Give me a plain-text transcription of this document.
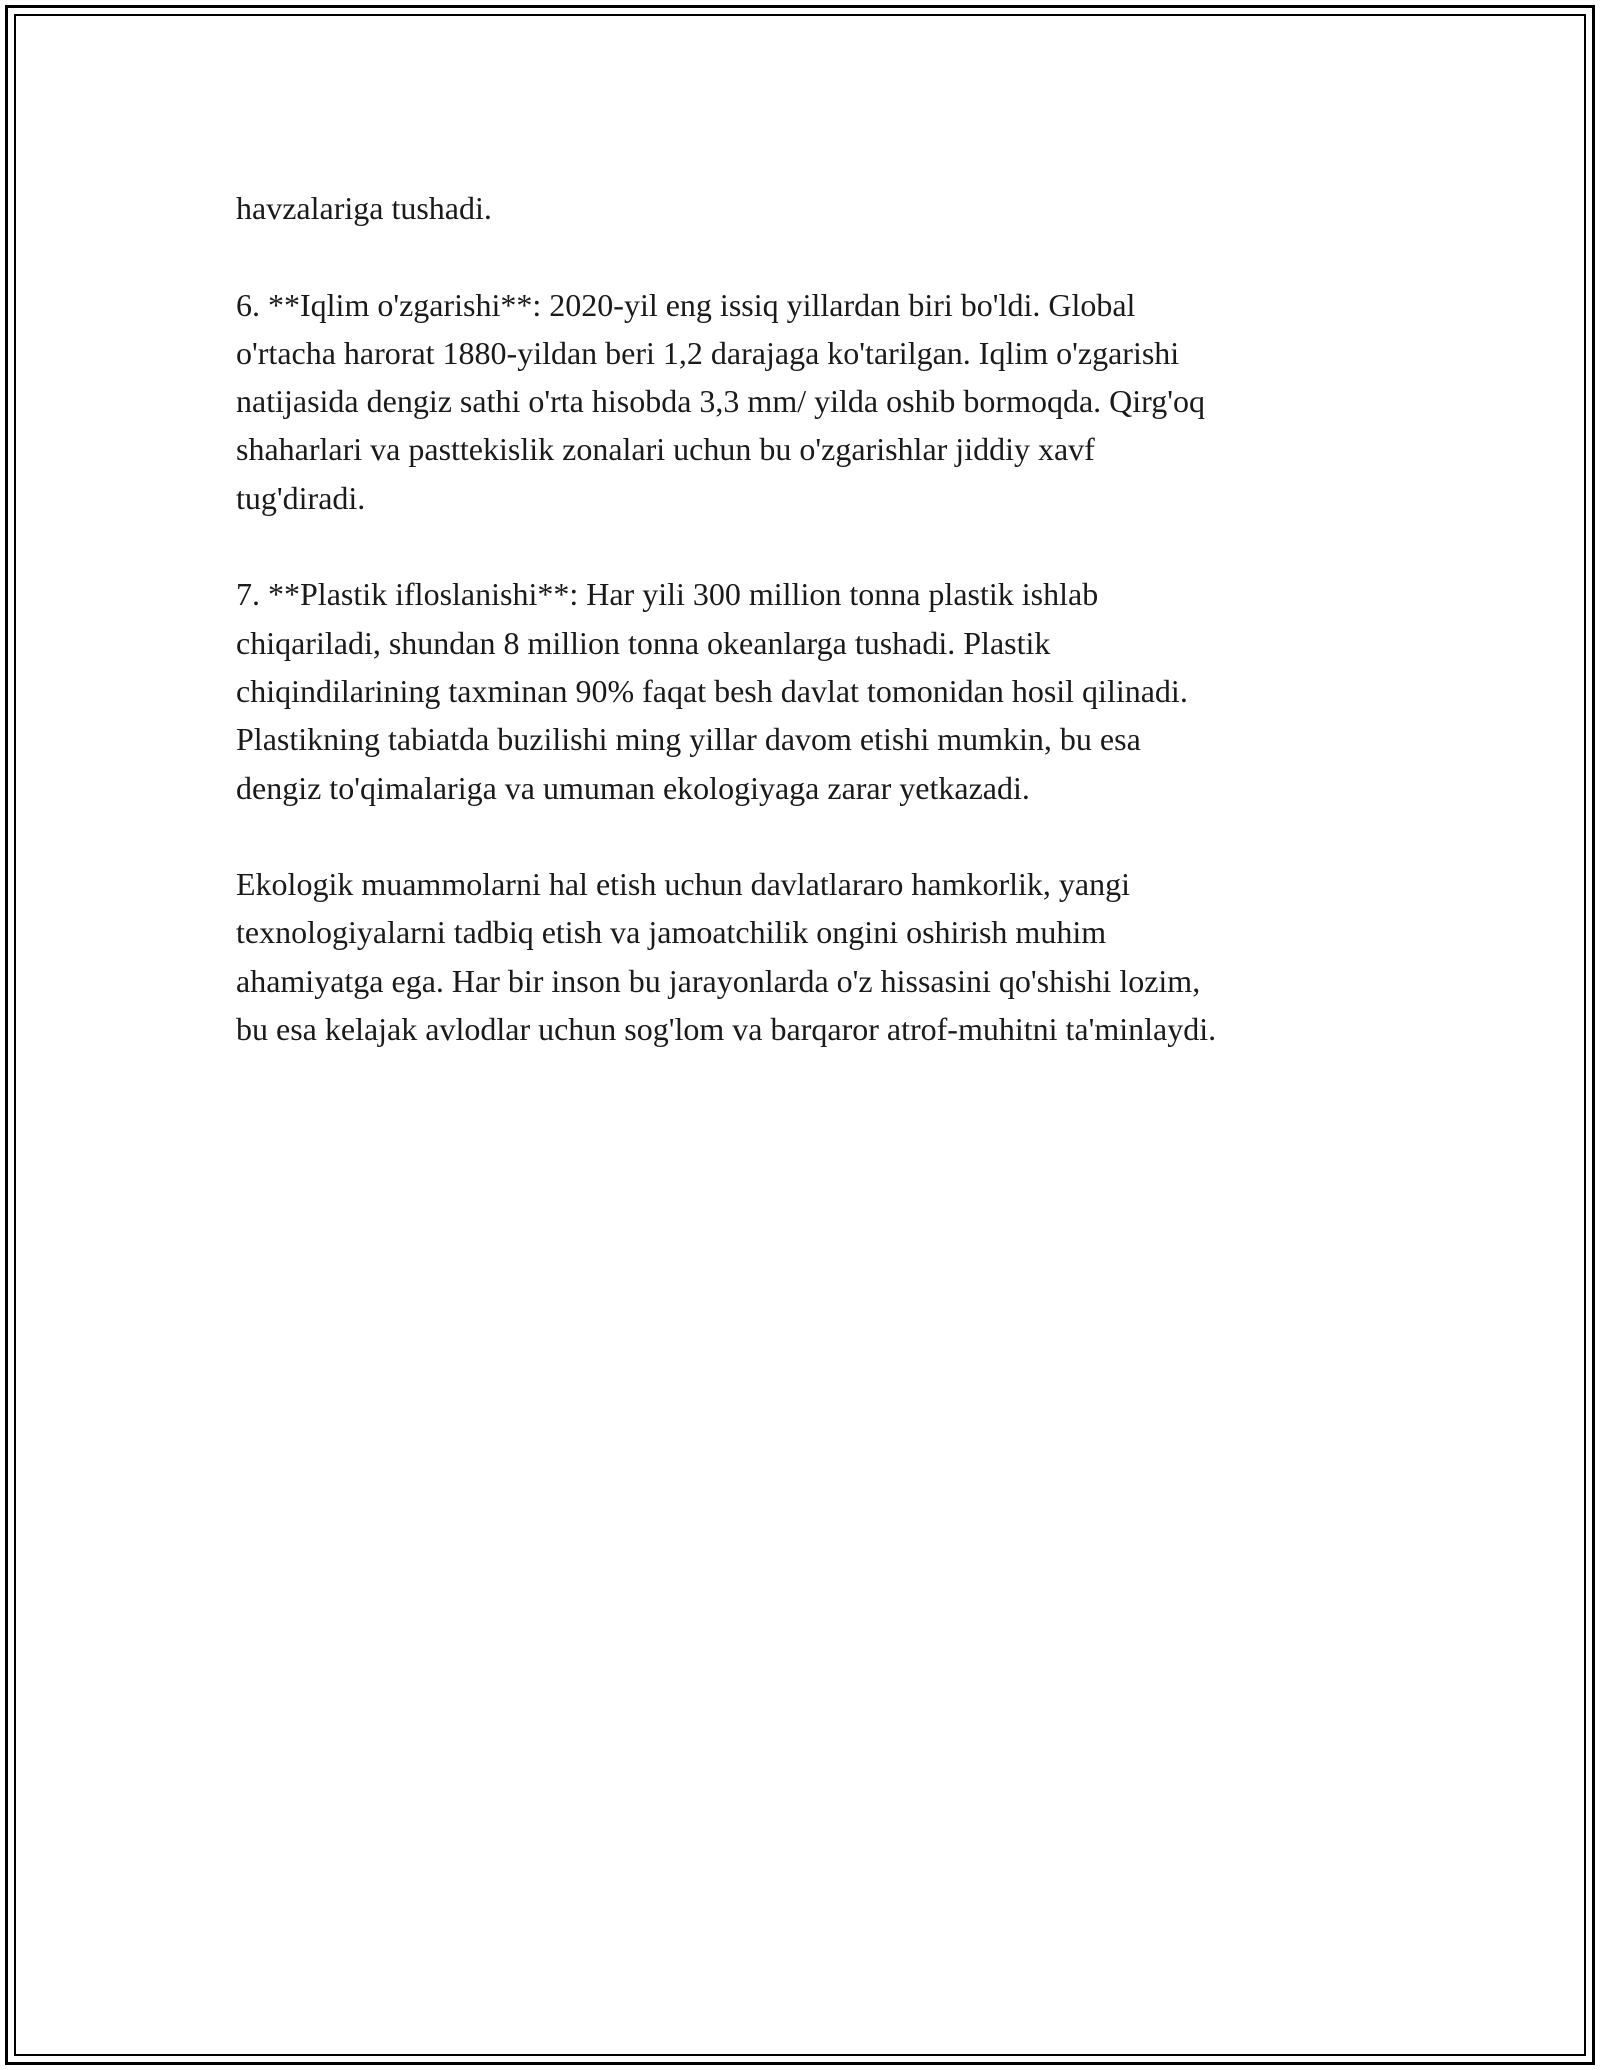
havzalariga tushadi.

6. **Iqlim o'zgarishi**: 2020-yil eng issiq yillardan biri bo'ldi. Global
o'rtacha harorat 1880-yildan beri 1,2 darajaga ko'tarilgan. Iqlim o'zgarishi
natijasida dengiz sathi o'rta hisobda 3,3 mm/ yilda oshib bormoqda. Qirg'oq
shaharlari va pasttekislik zonalari uchun bu o'zgarishlar jiddiy xavf
tug'diradi.

7. **Plastik ifloslanishi**: Har yili 300 million tonna plastik ishlab
chiqariladi, shundan 8 million tonna okeanlarga tushadi. Plastik
chiqindilarining taxminan 90% faqat besh davlat tomonidan hosil qilinadi.
Plastikning tabiatda buzilishi ming yillar davom etishi mumkin, bu esa
dengiz to'qimalariga va umuman ekologiyaga zarar yetkazadi.

Ekologik muammolarni hal etish uchun davlatlararo hamkorlik, yangi
texnologiyalarni tadbiq etish va jamoatchilik ongini oshirish muhim
ahamiyatga ega. Har bir inson bu jarayonlarda o'z hissasini qo'shishi lozim,
bu esa kelajak avlodlar uchun sog'lom va barqaror atrof-muhitni ta'minlaydi.
